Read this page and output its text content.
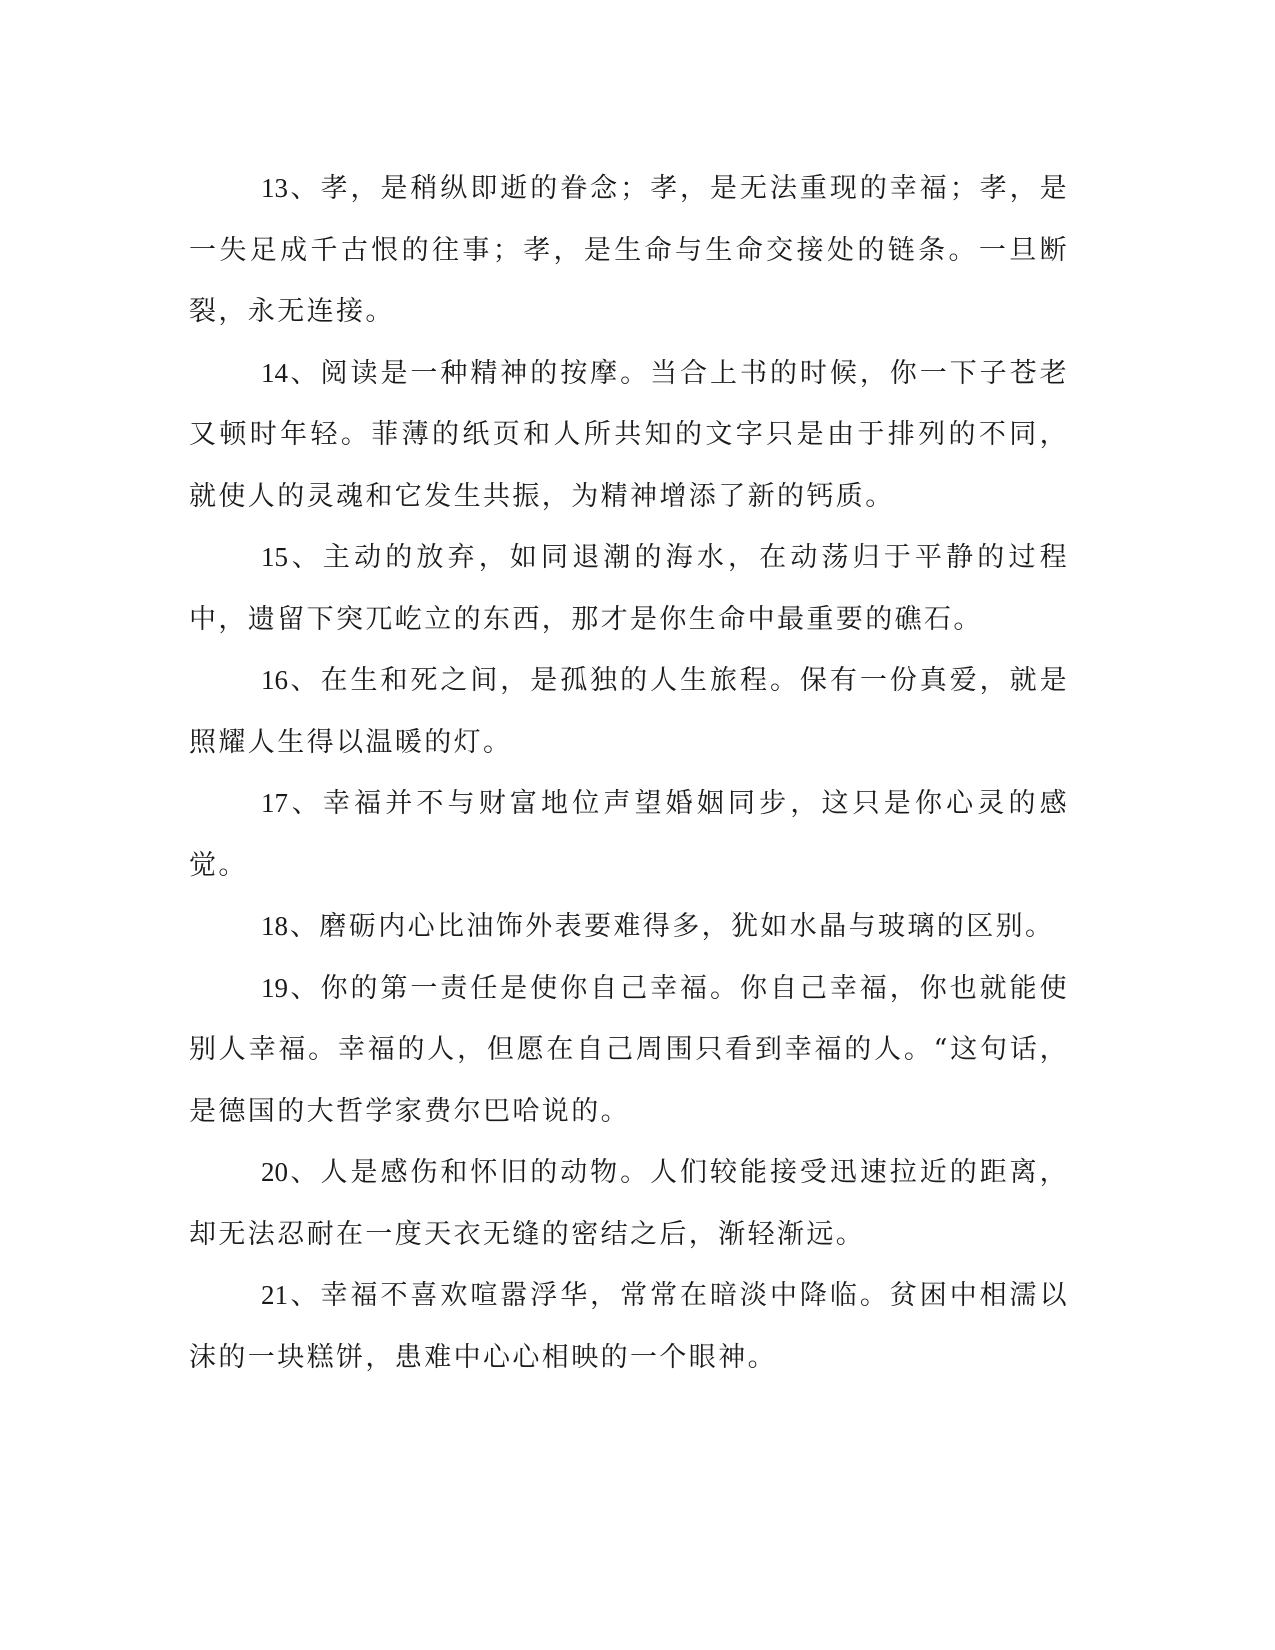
13、孝，是稍纵即逝的眷念；孝，是无法重现的幸福；孝，是一失足成千古恨的往事；孝，是生命与生命交接处的链条。一旦断裂，永无连接。

14、阅读是一种精神的按摩。当合上书的时候，你一下子苍老又顿时年轻。菲薄的纸页和人所共知的文字只是由于排列的不同，就使人的灵魂和它发生共振，为精神增添了新的钙质。

15、主动的放弃，如同退潮的海水，在动荡归于平静的过程中，遗留下突兀屹立的东西，那才是你生命中最重要的礁石。

16、在生和死之间，是孤独的人生旅程。保有一份真爱，就是照耀人生得以温暖的灯。

17、幸福并不与财富地位声望婚姻同步，这只是你心灵的感觉。

18、磨砺内心比油饰外表要难得多，犹如水晶与玻璃的区别。

19、你的第一责任是使你自己幸福。你自己幸福，你也就能使别人幸福。幸福的人，但愿在自己周围只看到幸福的人。“这句话，是德国的大哲学家费尔巴哈说的。

20、人是感伤和怀旧的动物。人们较能接受迅速拉近的距离，却无法忍耐在一度天衣无缝的密结之后，渐轻渐远。

21、幸福不喜欢喧嚣浮华，常常在暗淡中降临。贫困中相濡以沫的一块糕饼，患难中心心相映的一个眼神。
